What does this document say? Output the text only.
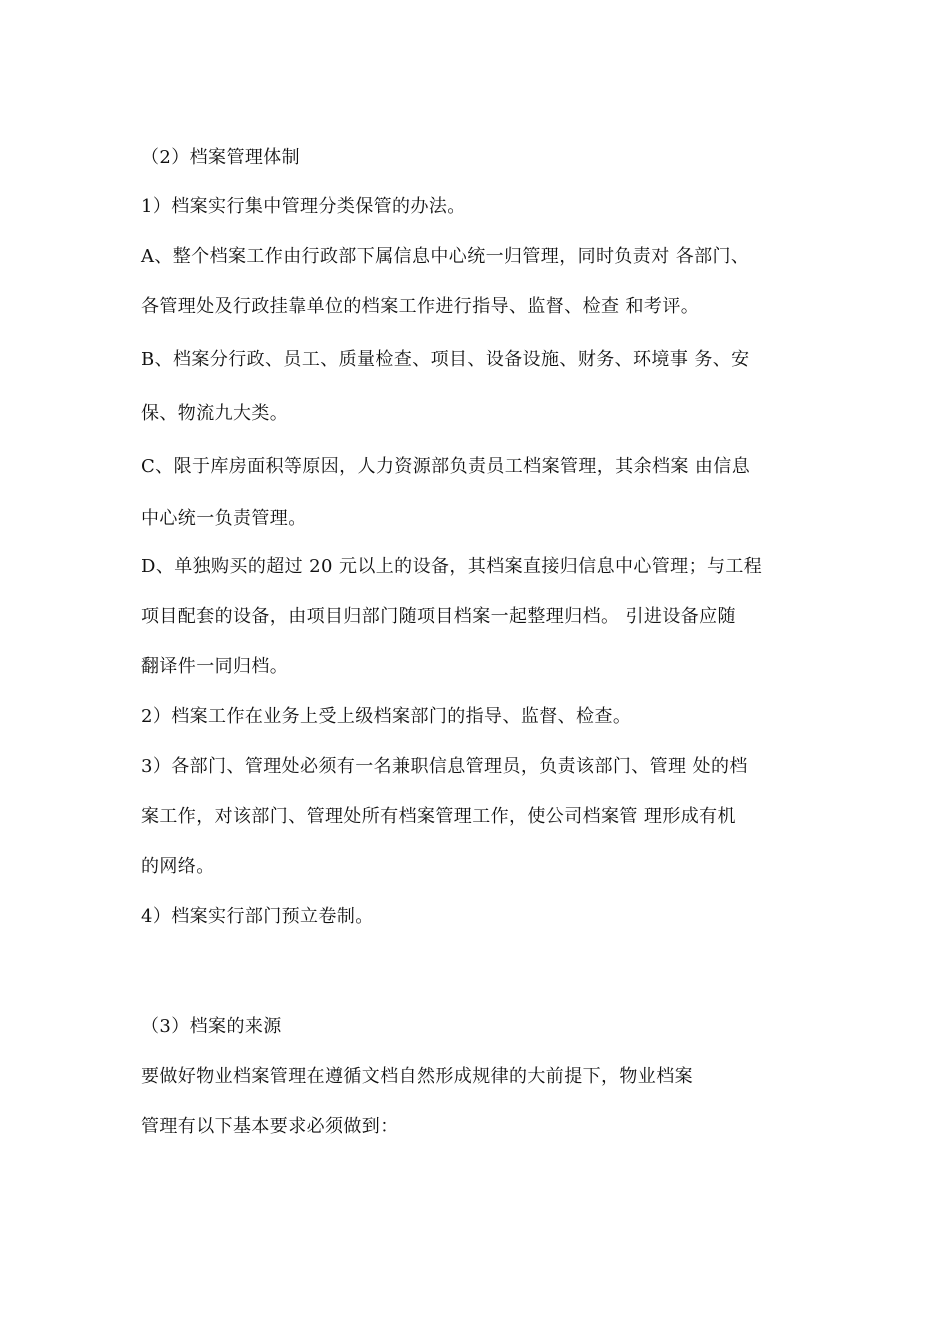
（2）档案管理体制
1）档案实行集中管理分类保管的办法。
A、整个档案工作由行政部下属信息中心统一归管理，同时负责对 各部门、
各管理处及行政挂靠单位的档案工作进行指导、监督、检查 和考评。
B、档案分行政、员工、质量检查、项目、设备设施、财务、环境事 务、安
保、物流九大类。
C、限于库房面积等原因，人力资源部负责员工档案管理，其余档案 由信息
中心统一负责管理。
D、单独购买的超过 20 元以上的设备，其档案直接归信息中心管理；与工程
项目配套的设备，由项目归部门随项目档案一起整理归档。 引进设备应随
翻译件一同归档。
2）档案工作在业务上受上级档案部门的指导、监督、检查。
3）各部门、管理处必须有一名兼职信息管理员，负责该部门、管理 处的档
案工作，对该部门、管理处所有档案管理工作，使公司档案管 理形成有机
的网络。
4）档案实行部门预立卷制。
（3）档案的来源
要做好物业档案管理在遵循文档自然形成规律的大前提下，物业档案
管理有以下基本要求必须做到：
